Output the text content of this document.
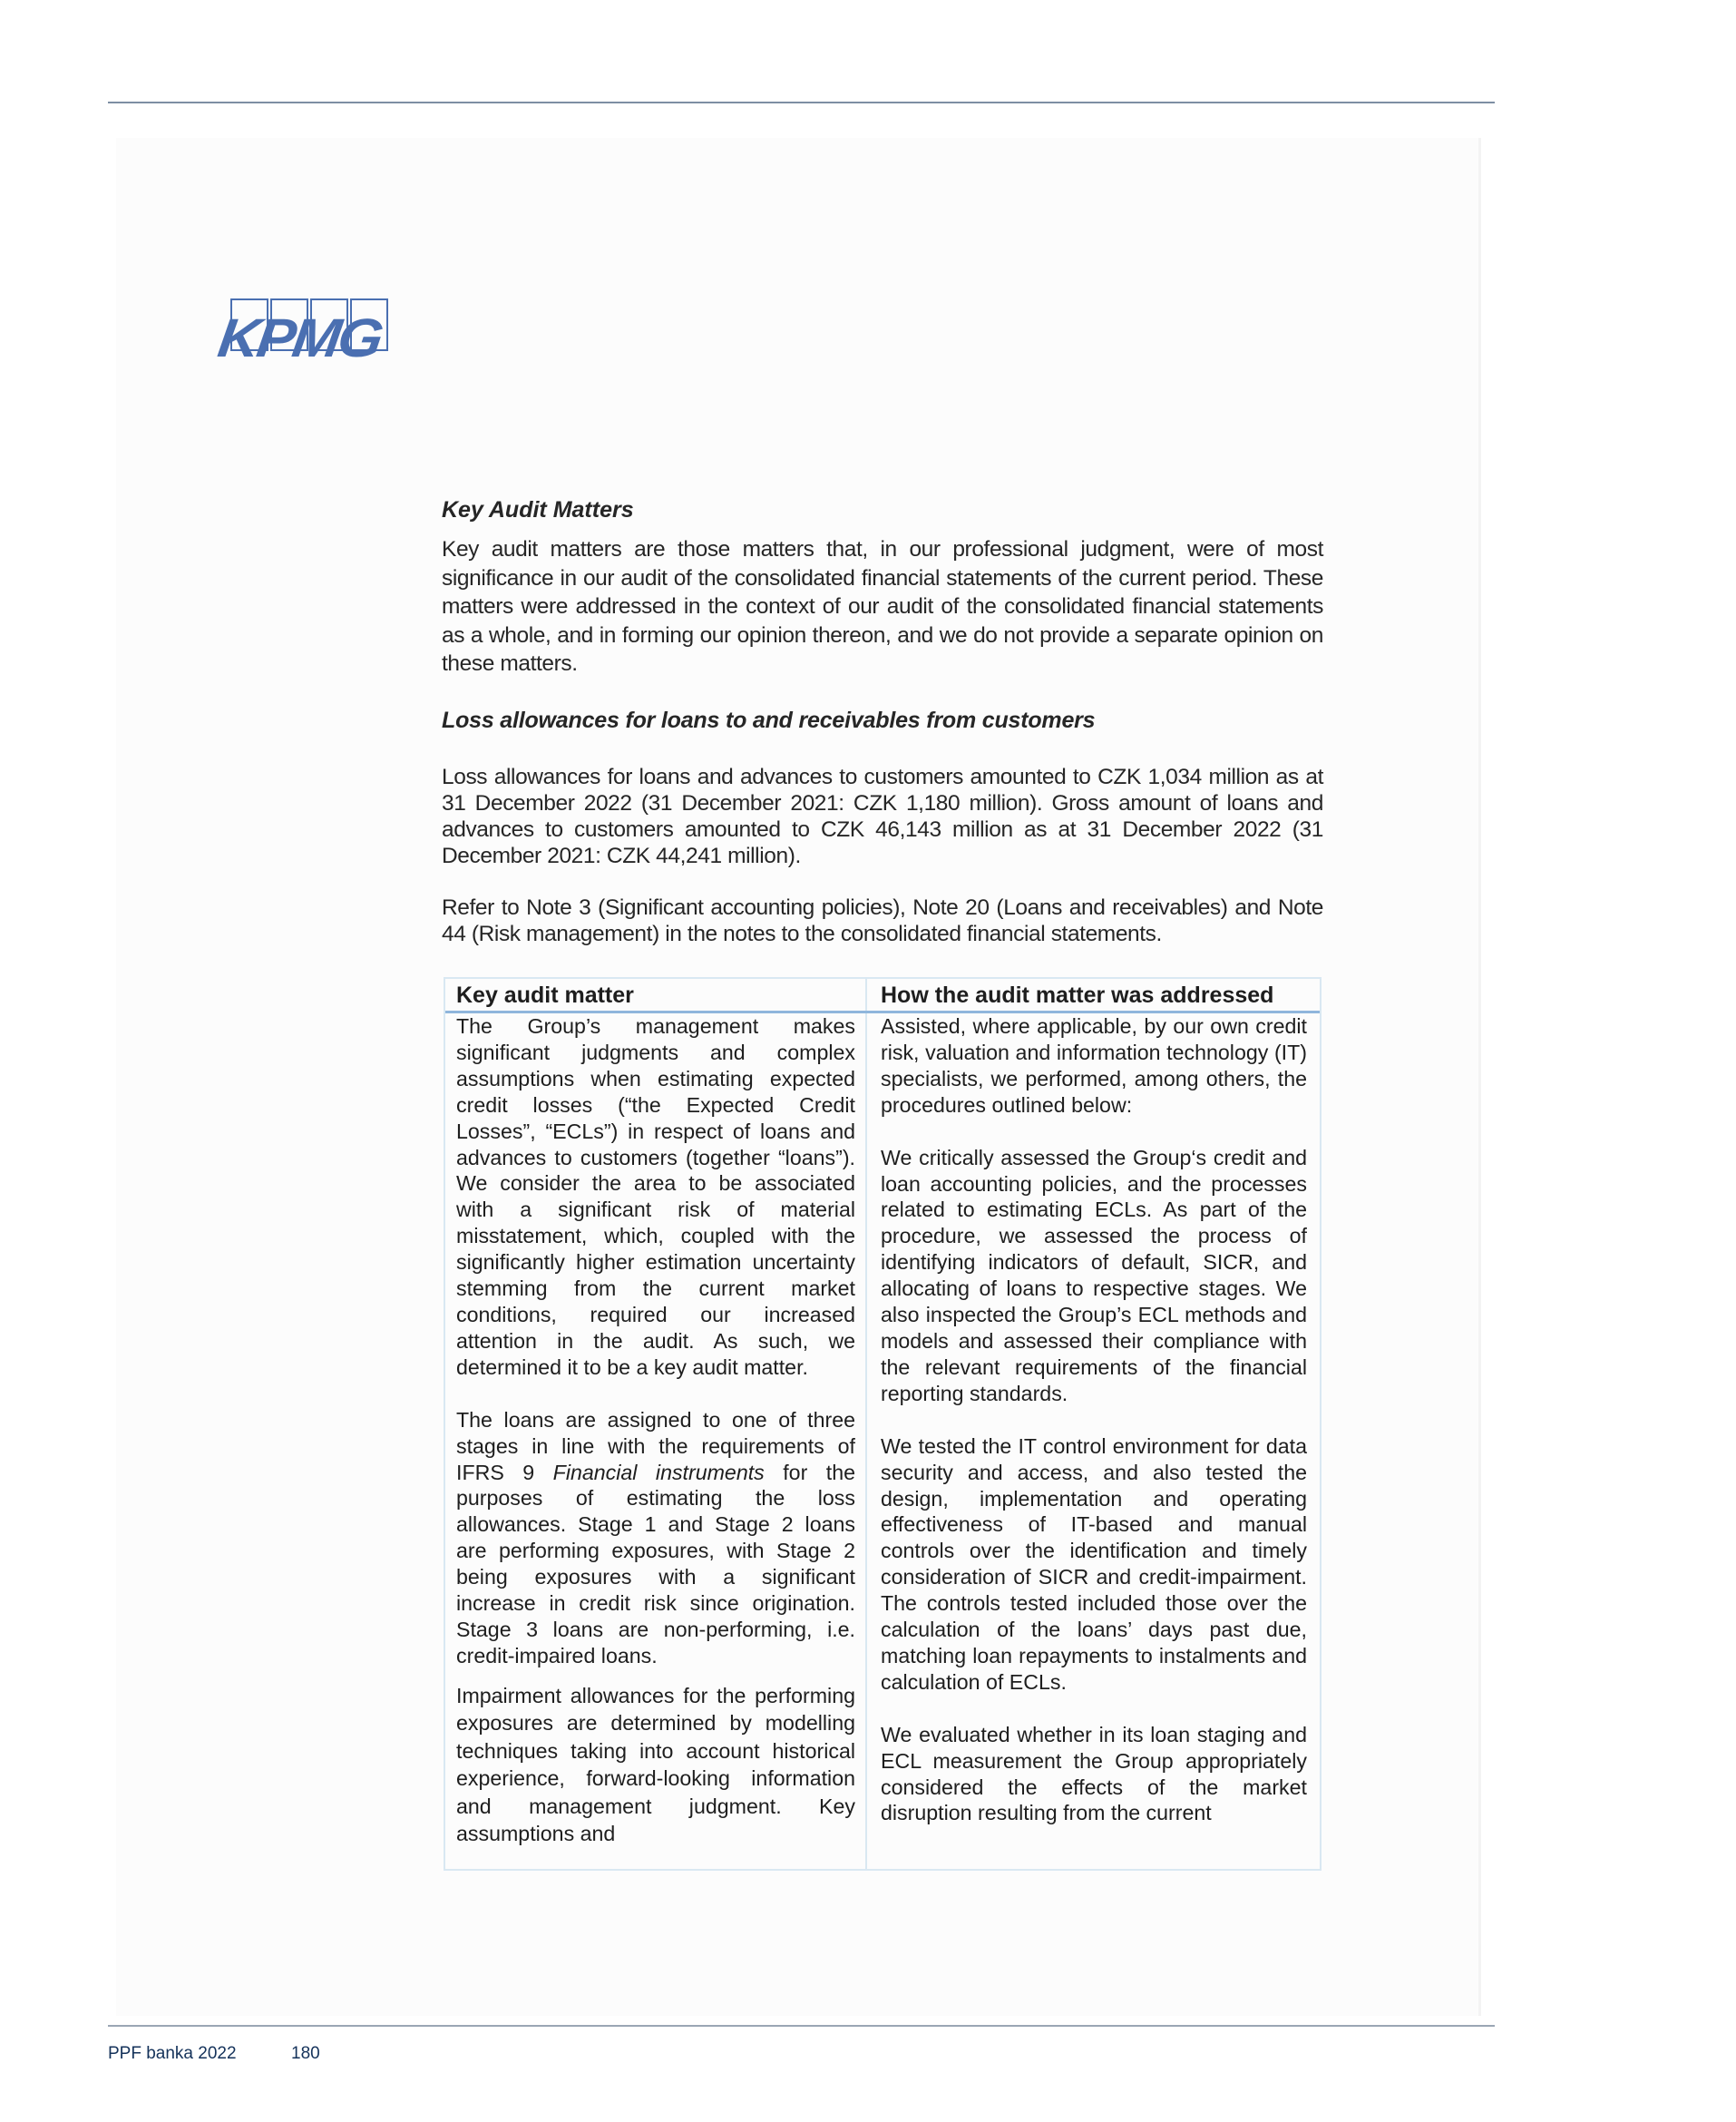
KPMG
Key Audit Matters
Key audit matters are those matters that, in our professional judgment, were of most significance in our audit of the consolidated financial statements of the current period. These matters were addressed in the context of our audit of the consolidated financial statements as a whole, and in forming our opinion thereon, and we do not provide a separate opinion on these matters.
Loss allowances for loans to and receivables from customers
Loss allowances for loans and advances to customers amounted to CZK 1,034 million as at 31 December 2022 (31 December 2021: CZK 1,180 million). Gross amount of loans and advances to customers amounted to CZK 46,143 million as at 31 December 2022 (31 December 2021: CZK 44,241 million).
Refer to Note 3 (Significant accounting policies), Note 20 (Loans and receivables) and Note 44 (Risk management) in the notes to the consolidated financial statements.
Key audit matter	How the audit matter was addressed

The Group’s management makes significant judgments and complex assumptions when estimating expected credit losses (“the Expected Credit Losses”, “ECLs”) in respect of loans and advances to customers (together “loans”). We consider the area to be associated with a significant risk of material misstatement, which, coupled with the significantly higher estimation uncertainty stemming from the current market conditions, required our increased attention in the audit. As such, we determined it to be a key audit matter.

The loans are assigned to one of three stages in line with the requirements of IFRS 9 Financial instruments for the purposes of estimating the loss allowances. Stage 1 and Stage 2 loans are performing exposures, with Stage 2 being exposures with a significant increase in credit risk since origination. Stage 3 loans are non-performing, i.e. credit-impaired loans.

Impairment allowances for the performing exposures are determined by modelling techniques taking into account historical experience, forward-looking information and management judgment. Key assumptions and

Assisted, where applicable, by our own credit risk, valuation and information technology (IT) specialists, we performed, among others, the procedures outlined below:

We critically assessed the Group‘s credit and loan accounting policies, and the processes related to estimating ECLs. As part of the procedure, we assessed the process of identifying indicators of default, SICR, and allocating of loans to respective stages. We also inspected the Group’s ECL methods and models and assessed their compliance with the relevant requirements of the financial reporting standards.

We tested the IT control environment for data security and access, and also tested the design, implementation and operating effectiveness of IT-based and manual controls over the identification and timely consideration of SICR and credit-impairment. The controls tested included those over the calculation of the loans’ days past due, matching loan repayments to instalments and calculation of ECLs.

We evaluated whether in its loan staging and ECL measurement the Group appropriately considered the effects of the market disruption resulting from the current

PPF banka 2022	180
